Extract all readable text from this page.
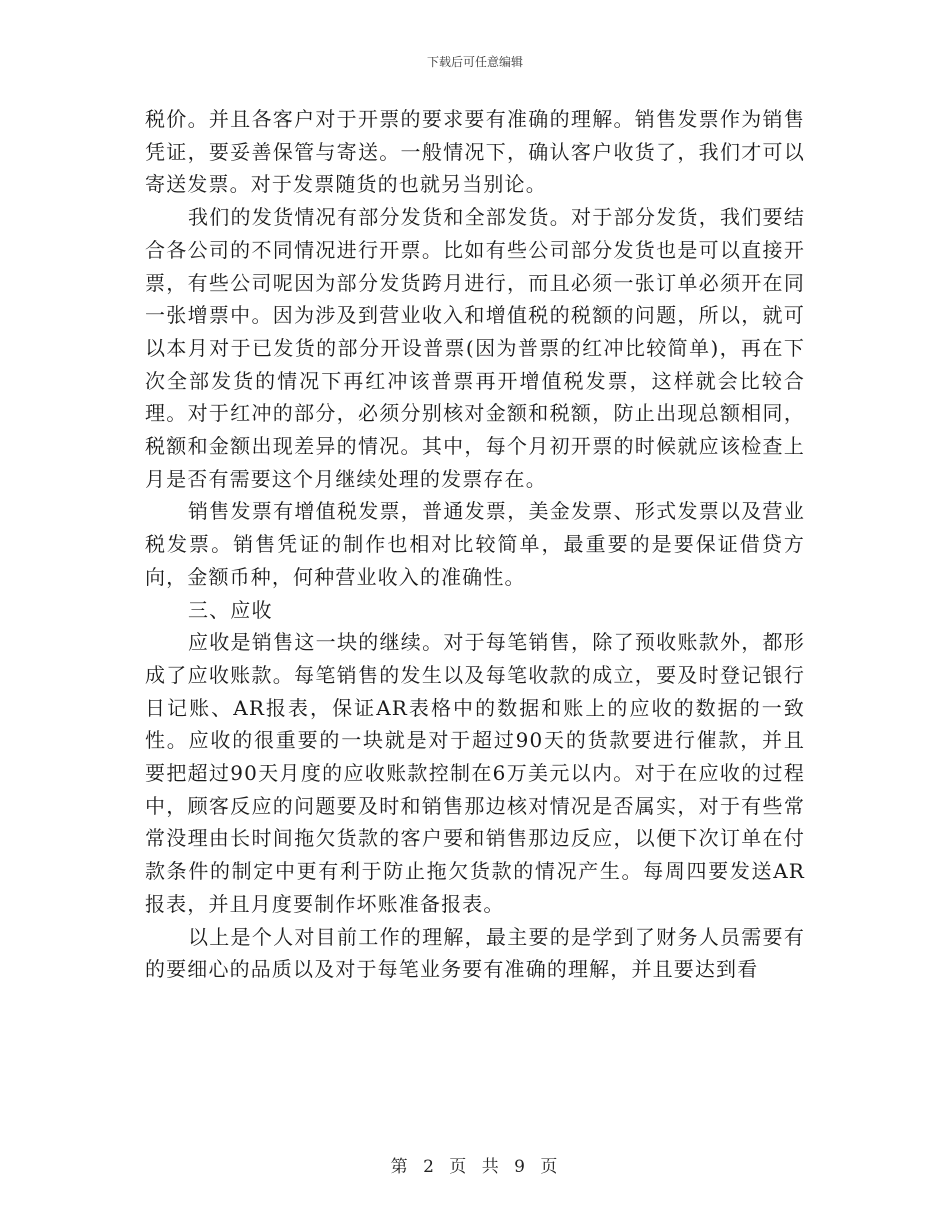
下载后可任意编辑

税价。并且各客户对于开票的要求要有准确的理解。销售发票作为销售凭证，要妥善保管与寄送。一般情况下，确认客户收货了，我们才可以寄送发票。对于发票随货的也就另当别论。

我们的发货情况有部分发货和全部发货。对于部分发货，我们要结合各公司的不同情况进行开票。比如有些公司部分发货也是可以直接开票，有些公司呢因为部分发货跨月进行，而且必须一张订单必须开在同一张增票中。因为涉及到营业收入和增值税的税额的问题，所以，就可以本月对于已发货的部分开设普票(因为普票的红冲比较简单)，再在下次全部发货的情况下再红冲该普票再开增值税发票，这样就会比较合理。对于红冲的部分，必须分别核对金额和税额，防止出现总额相同，税额和金额出现差异的情况。其中，每个月初开票的时候就应该检查上月是否有需要这个月继续处理的发票存在。

销售发票有增值税发票，普通发票，美金发票、形式发票以及营业税发票。销售凭证的制作也相对比较简单，最重要的是要保证借贷方向，金额币种，何种营业收入的准确性。

三、应收

应收是销售这一块的继续。对于每笔销售，除了预收账款外，都形成了应收账款。每笔销售的发生以及每笔收款的成立，要及时登记银行日记账、AR报表，保证AR表格中的数据和账上的应收的数据的一致性。应收的很重要的一块就是对于超过90天的货款要进行催款，并且要把超过90天月度的应收账款控制在6万美元以内。对于在应收的过程中，顾客反应的问题要及时和销售那边核对情况是否属实，对于有些常常没理由长时间拖欠货款的客户要和销售那边反应，以便下次订单在付款条件的制定中更有利于防止拖欠货款的情况产生。每周四要发送AR报表，并且月度要制作坏账准备报表。

以上是个人对目前工作的理解，最主要的是学到了财务人员需要有的要细心的品质以及对于每笔业务要有准确的理解，并且要达到看

第 2 页 共 9 页
